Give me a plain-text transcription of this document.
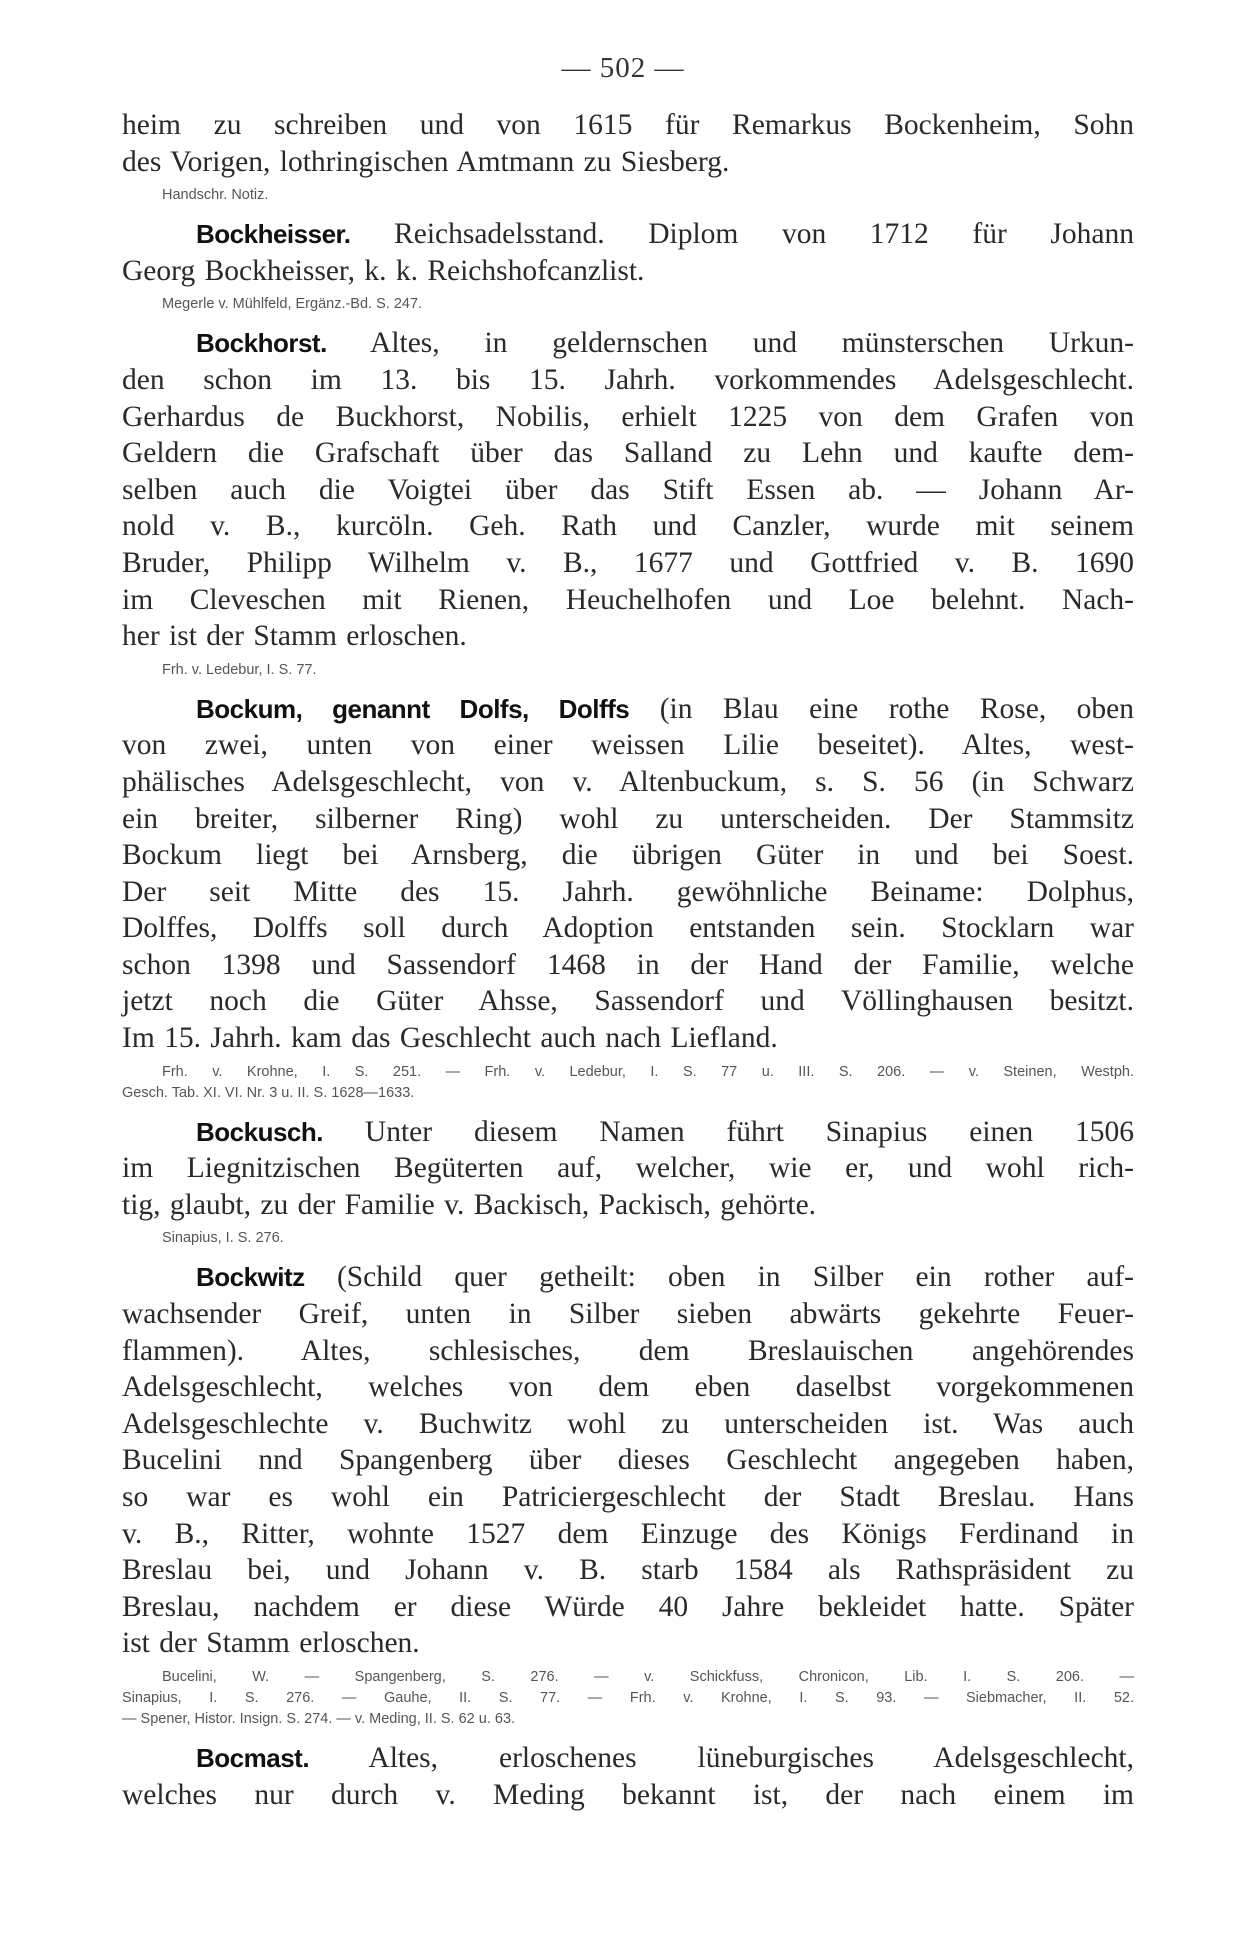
— 502 —
heim zu schreiben und von 1615 für Remarkus Bockenheim, Sohn
des Vorigen, lothringischen Amtmann zu Siesberg.
Handschr. Notiz.
Bockheisser. Reichsadelsstand. Diplom von 1712 für Johann
Georg Bockheisser, k. k. Reichshofcanzlist.
Megerle v. Mühlfeld, Ergänz.-Bd. S. 247.
Bockhorst. Altes, in geldernschen und münsterschen Urkun-
den schon im 13. bis 15. Jahrh. vorkommendes Adelsgeschlecht.
Gerhardus de Buckhorst, Nobilis, erhielt 1225 von dem Grafen von
Geldern die Grafschaft über das Salland zu Lehn und kaufte dem-
selben auch die Voigtei über das Stift Essen ab. — Johann Ar-
nold v. B., kurcöln. Geh. Rath und Canzler, wurde mit seinem
Bruder, Philipp Wilhelm v. B., 1677 und Gottfried v. B. 1690
im Cleveschen mit Rienen, Heuchelhofen und Loe belehnt. Nach-
her ist der Stamm erloschen.
Frh. v. Ledebur, I. S. 77.
Bockum, genannt Dolfs, Dolffs (in Blau eine rothe Rose, oben
von zwei, unten von einer weissen Lilie beseitet). Altes, west-
phälisches Adelsgeschlecht, von v. Altenbuckum, s. S. 56 (in Schwarz
ein breiter, silberner Ring) wohl zu unterscheiden. Der Stammsitz
Bockum liegt bei Arnsberg, die übrigen Güter in und bei Soest.
Der seit Mitte des 15. Jahrh. gewöhnliche Beiname: Dolphus,
Dolffes, Dolffs soll durch Adoption entstanden sein. Stocklarn war
schon 1398 und Sassendorf 1468 in der Hand der Familie, welche
jetzt noch die Güter Ahsse, Sassendorf und Völlinghausen besitzt.
Im 15. Jahrh. kam das Geschlecht auch nach Liefland.
Frh. v. Krohne, I. S. 251. — Frh. v. Ledebur, I. S. 77 u. III. S. 206. — v. Steinen, Westph.
Gesch. Tab. XI. VI. Nr. 3 u. II. S. 1628—1633.
Bockusch. Unter diesem Namen führt Sinapius einen 1506
im Liegnitzischen Begüterten auf, welcher, wie er, und wohl rich-
tig, glaubt, zu der Familie v. Backisch, Packisch, gehörte.
Sinapius, I. S. 276.
Bockwitz (Schild quer getheilt: oben in Silber ein rother auf-
wachsender Greif, unten in Silber sieben abwärts gekehrte Feuer-
flammen). Altes, schlesisches, dem Breslauischen angehörendes
Adelsgeschlecht, welches von dem eben daselbst vorgekommenen
Adelsgeschlechte v. Buchwitz wohl zu unterscheiden ist. Was auch
Bucelini nnd Spangenberg über dieses Geschlecht angegeben haben,
so war es wohl ein Patriciergeschlecht der Stadt Breslau. Hans
v. B., Ritter, wohnte 1527 dem Einzuge des Königs Ferdinand in
Breslau bei, und Johann v. B. starb 1584 als Rathspräsident zu
Breslau, nachdem er diese Würde 40 Jahre bekleidet hatte. Später
ist der Stamm erloschen.
Bucelini, W. — Spangenberg, S. 276. — v. Schickfuss, Chronicon, Lib. I. S. 206. —
Sinapius, I. S. 276. — Gauhe, II. S. 77. — Frh. v. Krohne, I. S. 93. — Siebmacher, II. 52.
— Spener, Histor. Insign. S. 274. — v. Meding, II. S. 62 u. 63.
Bocmast. Altes, erloschenes lüneburgisches Adelsgeschlecht,
welches nur durch v. Meding bekannt ist, der nach einem im
